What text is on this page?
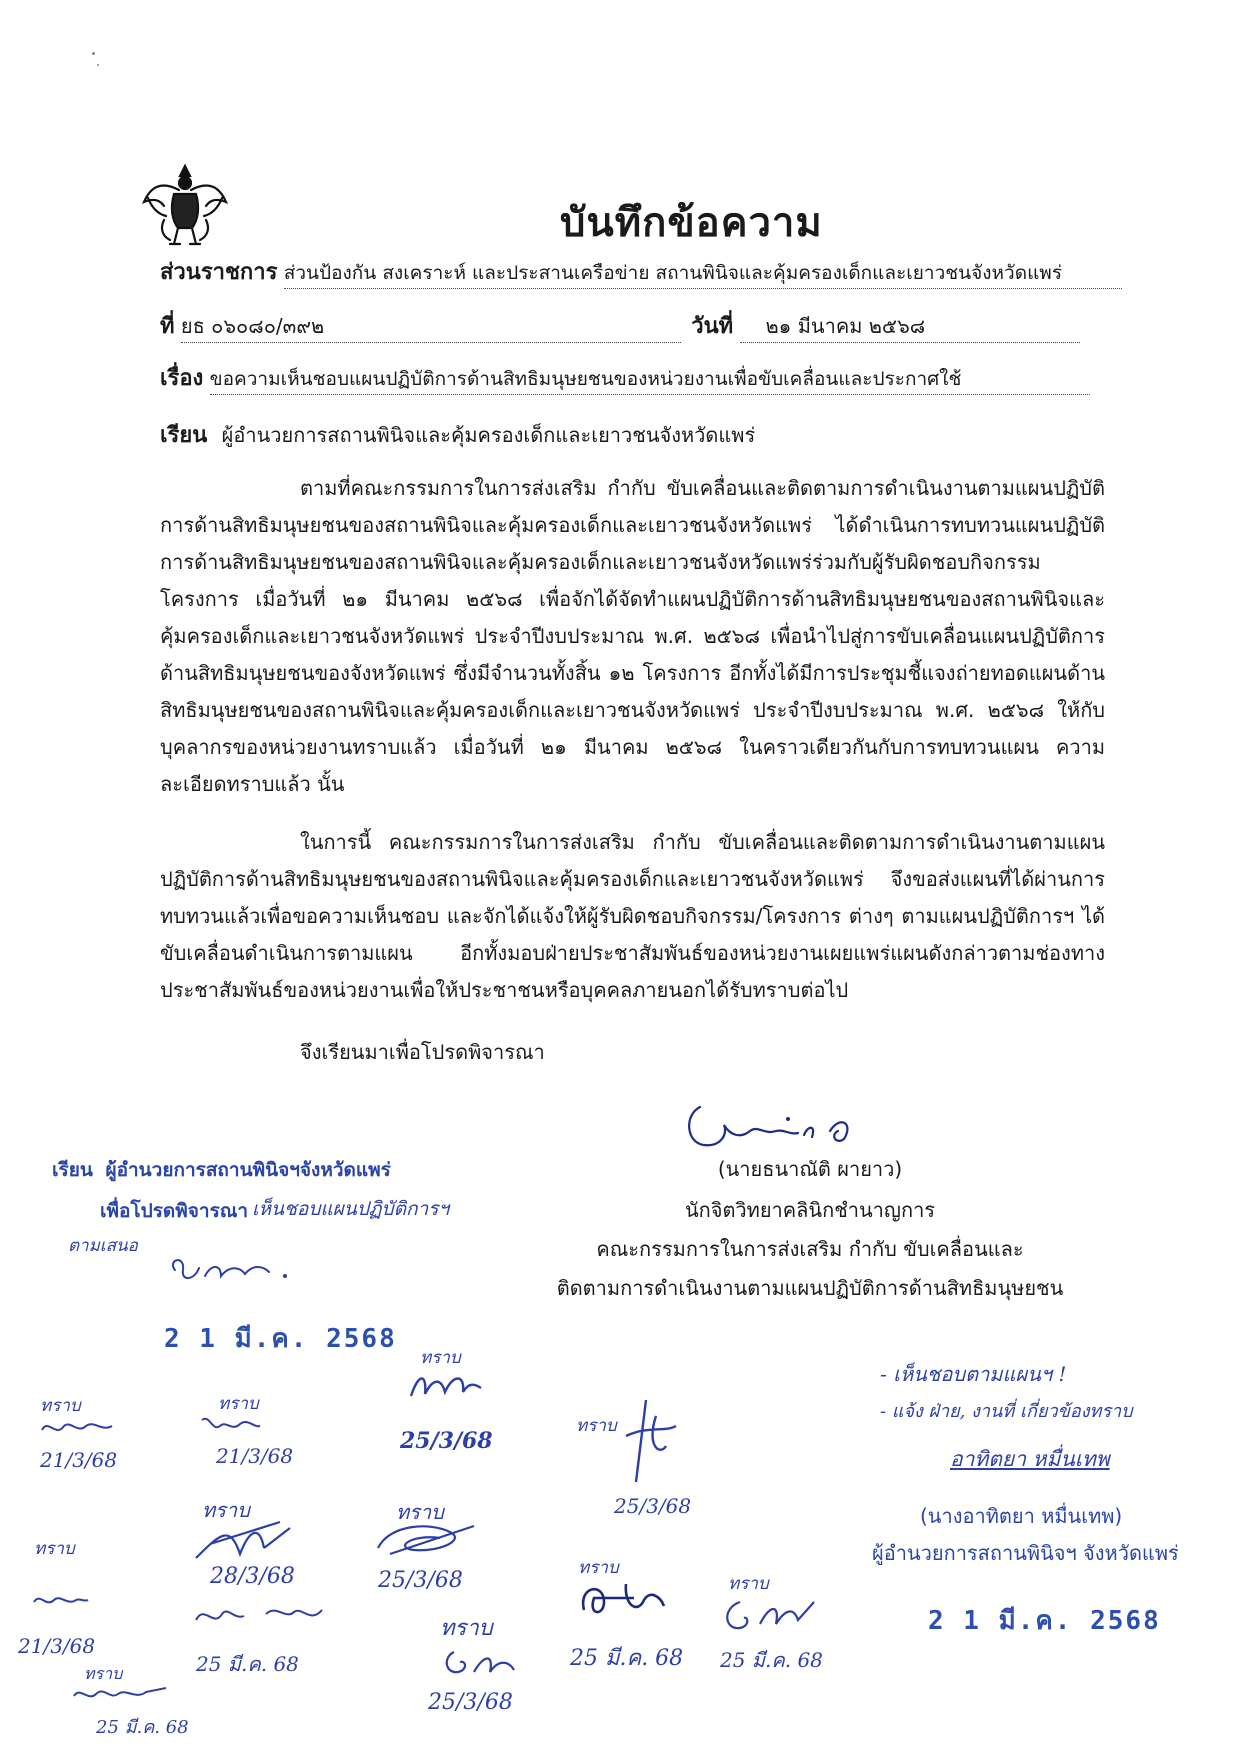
บันทึกข้อความ
ส่วนราชการ ส่วนป้องกัน สงเคราะห์ และประสานเครือข่าย สถานพินิจและคุ้มครองเด็กและเยาวชนจังหวัดแพร่
ที่ ยธ ๐๖๐๘๐/๓๙๒	วันที่ ๒๑ มีนาคม ๒๕๖๘
เรื่อง ขอความเห็นชอบแผนปฏิบัติการด้านสิทธิมนุษยชนของหน่วยงานเพื่อขับเคลื่อนและประกาศใช้
เรียน ผู้อำนวยการสถานพินิจและคุ้มครองเด็กและเยาวชนจังหวัดแพร่

ตามที่คณะกรรมการในการส่งเสริม กำกับ ขับเคลื่อนและติดตามการดำเนินงานตามแผนปฏิบัติการด้านสิทธิมนุษยชนของสถานพินิจและคุ้มครองเด็กและเยาวชนจังหวัดแพร่ ได้ดำเนินการทบทวนแผนปฏิบัติการด้านสิทธิมนุษยชนของสถานพินิจและคุ้มครองเด็กและเยาวชนจังหวัดแพร่ร่วมกับผู้รับผิดชอบกิจกรรม โครงการ เมื่อวันที่ ๒๑ มีนาคม ๒๕๖๘ เพื่อจักได้จัดทำแผนปฏิบัติการด้านสิทธิมนุษยชนของสถานพินิจและคุ้มครองเด็กและเยาวชนจังหวัดแพร่ ประจำปีงบประมาณ พ.ศ. ๒๕๖๘ เพื่อนำไปสู่การขับเคลื่อนแผนปฏิบัติการด้านสิทธิมนุษยชนของจังหวัดแพร่ ซึ่งมีจำนวนทั้งสิ้น ๑๒ โครงการ อีกทั้งได้มีการประชุมชี้แจงถ่ายทอดแผนด้านสิทธิมนุษยชนของสถานพินิจและคุ้มครองเด็กและเยาวชนจังหวัดแพร่ ประจำปีงบประมาณ พ.ศ. ๒๕๖๘ ให้กับบุคลากรของหน่วยงานทราบแล้ว เมื่อวันที่ ๒๑ มีนาคม ๒๕๖๘ ในคราวเดียวกันกับการทบทวนแผน ความละเอียดทราบแล้ว นั้น

ในการนี้ คณะกรรมการในการส่งเสริม กำกับ ขับเคลื่อนและติดตามการดำเนินงานตามแผนปฏิบัติการด้านสิทธิมนุษยชนของสถานพินิจและคุ้มครองเด็กและเยาวชนจังหวัดแพร่ จึงขอส่งแผนที่ได้ผ่านการทบทวนแล้วเพื่อขอความเห็นชอบ และจักได้แจ้งให้ผู้รับผิดชอบกิจกรรม/โครงการ ต่างๆ ตามแผนปฏิบัติการฯ ได้ขับเคลื่อนดำเนินการตามแผน อีกทั้งมอบฝ่ายประชาสัมพันธ์ของหน่วยงานเผยแพร่แผนดังกล่าวตามช่องทางประชาสัมพันธ์ของหน่วยงานเพื่อให้ประชาชนหรือบุคคลภายนอกได้รับทราบต่อไป

จึงเรียนมาเพื่อโปรดพิจารณา
(นายธนาณัติ ผายาว)
นักจิตวิทยาคลินิกชำนาญการ
คณะกรรมการในการส่งเสริม กำกับ ขับเคลื่อนและ
ติดตามการดำเนินงานตามแผนปฏิบัติการด้านสิทธิมนุษยชน
เรียน ผู้อำนวยการสถานพินิจฯจังหวัดแพร่
เพื่อโปรดพิจารณา เห็นชอบแผนปฏิบัติการฯ
ตามเสนอ
2 1 มี.ค. 2568
- เห็นชอบตามแผนฯ !
- แจ้ง ฝ่าย, งานที่ เกี่ยวข้องทราบ
อาทิตยา หมื่นเทพ
(นางอาทิตยา หมื่นเทพ)
ผู้อำนวยการสถานพินิจฯ จังหวัดแพร่
2 1 มี.ค. 2568
ทราบ
21/3/68
ทราบ
21/3/68
ทราบ
25/3/68
ทราบ
25/3/68
ทราบ
21/3/68
ทราบ
28/3/68
ทราบ
25/3/68	ทราบ
25 มี.ค. 68
ทราบ
25 มี.ค. 68
25 มี.ค. 68
ทราบ
25 มี.ค. 68
ทราบ
25/3/68
